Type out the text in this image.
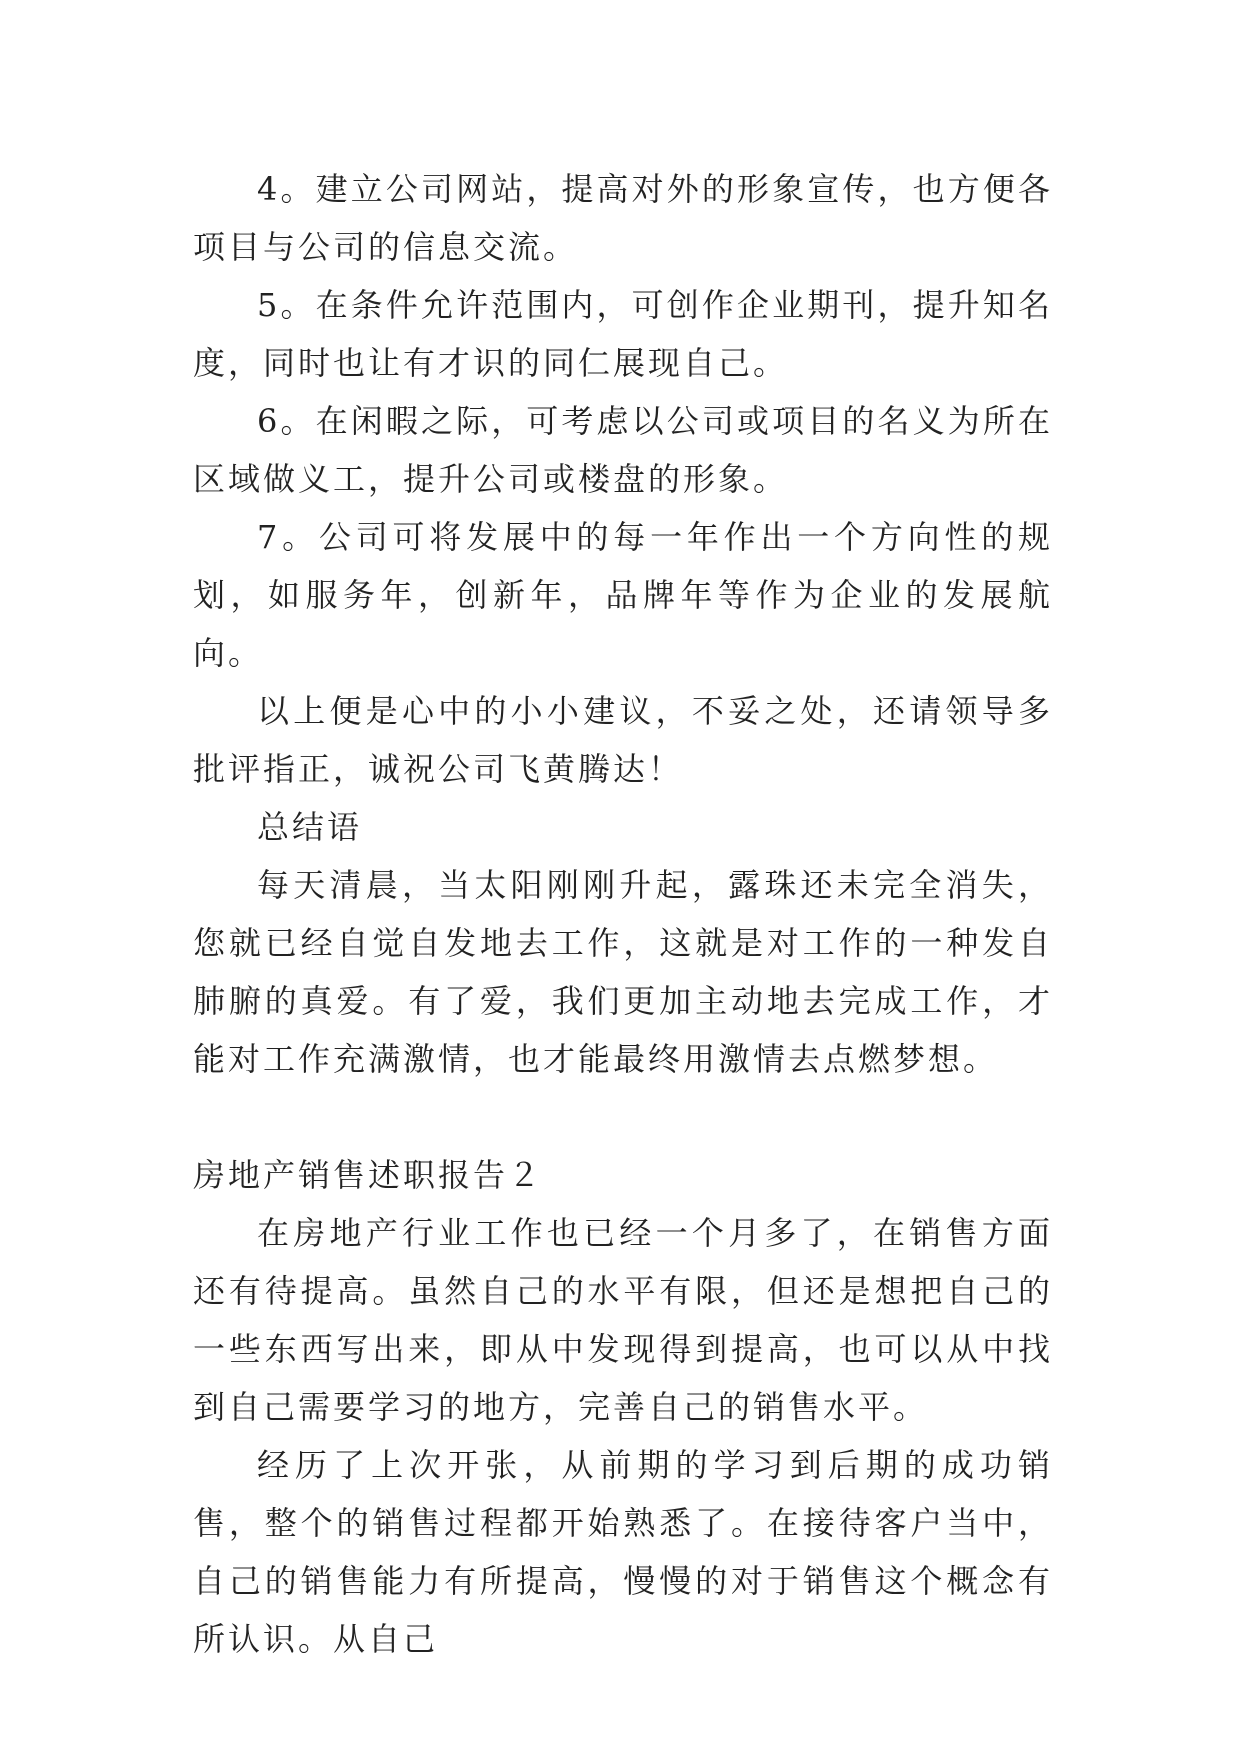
4。建立公司网站，提高对外的形象宣传，也方便各项目与公司的信息交流。

5。在条件允许范围内，可创作企业期刊，提升知名度，同时也让有才识的同仁展现自己。

6。在闲暇之际，可考虑以公司或项目的名义为所在区域做义工，提升公司或楼盘的形象。

7。公司可将发展中的每一年作出一个方向性的规划，如服务年，创新年，品牌年等作为企业的发展航向。

以上便是心中的小小建议，不妥之处，还请领导多批评指正，诚祝公司飞黄腾达！

总结语

每天清晨，当太阳刚刚升起，露珠还未完全消失，您就已经自觉自发地去工作，这就是对工作的一种发自肺腑的真爱。有了爱，我们更加主动地去完成工作，才能对工作充满激情，也才能最终用激情去点燃梦想。

房地产销售述职报告２

在房地产行业工作也已经一个月多了，在销售方面还有待提高。虽然自己的水平有限，但还是想把自己的一些东西写出来，即从中发现得到提高，也可以从中找到自己需要学习的地方，完善自己的销售水平。

经历了上次开张，从前期的学习到后期的成功销售，整个的销售过程都开始熟悉了。在接待客户当中，自己的销售能力有所提高，慢慢的对于销售这个概念有所认识。从自己
